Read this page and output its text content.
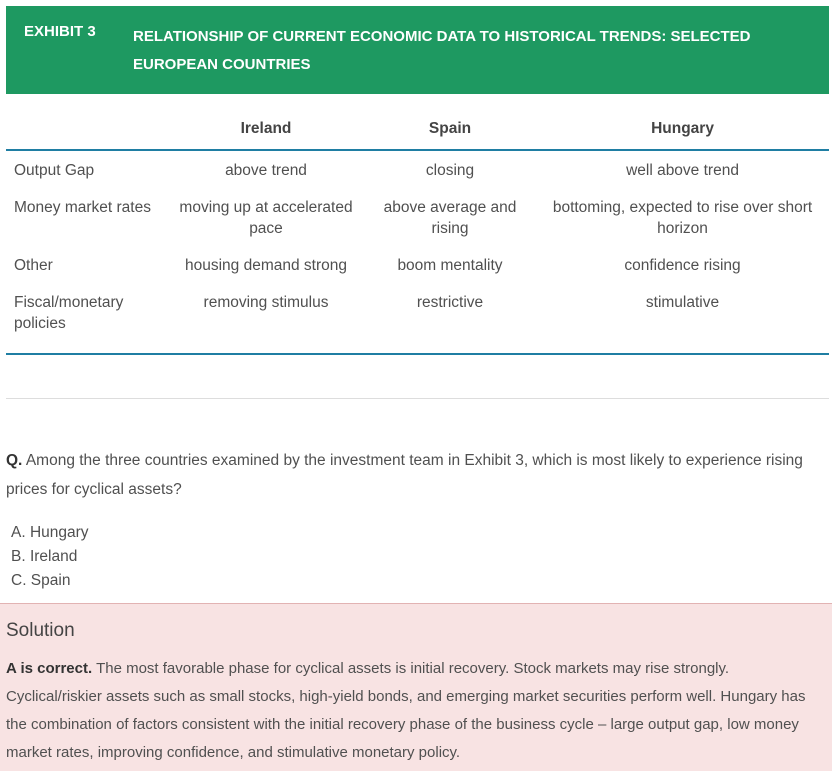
EXHIBIT 3 RELATIONSHIP OF CURRENT ECONOMIC DATA TO HISTORICAL TRENDS: SELECTED EUROPEAN COUNTRIES
	Ireland	Spain	Hungary
Output Gap	above trend	closing	well above trend
Money market rates	moving up at accelerated pace	above average and rising	bottoming, expected to rise over short horizon
Other	housing demand strong	boom mentality	confidence rising
Fiscal/monetary policies	removing stimulus	restrictive	stimulative
Q. Among the three countries examined by the investment team in Exhibit 3, which is most likely to experience rising prices for cyclical assets?
A. Hungary
B. Ireland
C. Spain
Solution
A is correct. The most favorable phase for cyclical assets is initial recovery. Stock markets may rise strongly. Cyclical/riskier assets such as small stocks, high-yield bonds, and emerging market securities perform well. Hungary has the combination of factors consistent with the initial recovery phase of the business cycle – large output gap, low money market rates, improving confidence, and stimulative monetary policy.
